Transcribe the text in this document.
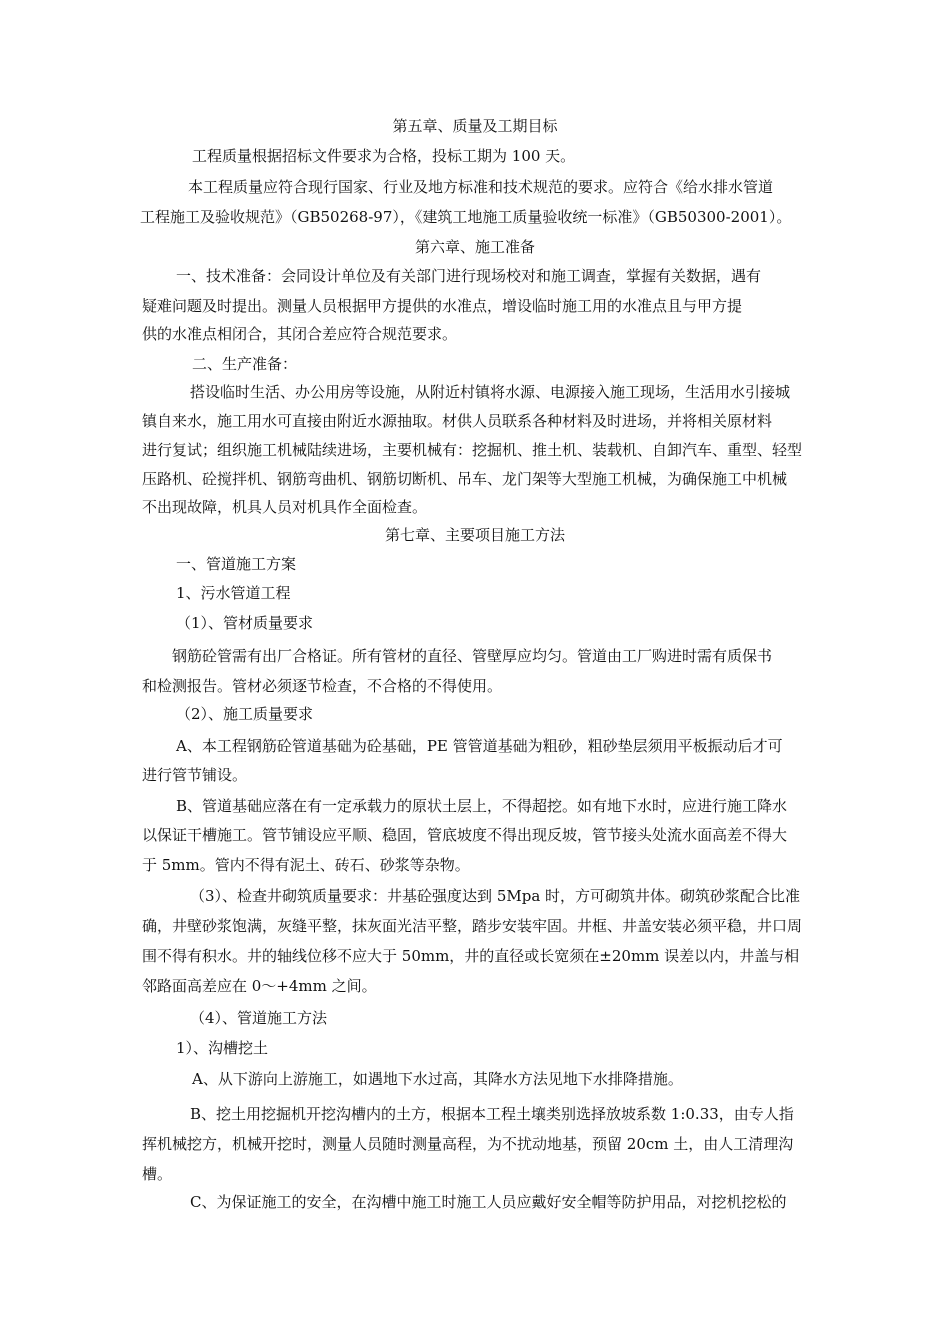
第五章、质量及工期目标
工程质量根据招标文件要求为合格，投标工期为 100 天。
本工程质量应符合现行国家、行业及地方标准和技术规范的要求。应符合《给水排水管道
工程施工及验收规范》（GB50268-97），《建筑工地施工质量验收统一标准》（GB50300-2001）。
第六章、施工准备
一、技术准备：会同设计单位及有关部门进行现场校对和施工调查，掌握有关数据，遇有
疑难问题及时提出。测量人员根据甲方提供的水准点，增设临时施工用的水准点且与甲方提
供的水准点相闭合，其闭合差应符合规范要求。
二、生产准备：
搭设临时生活、办公用房等设施，从附近村镇将水源、电源接入施工现场，生活用水引接城
镇自来水，施工用水可直接由附近水源抽取。材供人员联系各种材料及时进场，并将相关原材料
进行复试；组织施工机械陆续进场，主要机械有：挖掘机、推土机、装载机、自卸汽车、重型、轻型
压路机、砼搅拌机、钢筋弯曲机、钢筋切断机、吊车、龙门架等大型施工机械，为确保施工中机械
不出现故障，机具人员对机具作全面检查。
第七章、主要项目施工方法
一、管道施工方案
1、污水管道工程
（1）、管材质量要求
钢筋砼管需有出厂合格证。所有管材的直径、管壁厚应均匀。管道由工厂购进时需有质保书
和检测报告。管材必须逐节检查，不合格的不得使用。
（2）、施工质量要求
A、本工程钢筋砼管道基础为砼基础，PE 管管道基础为粗砂，粗砂垫层须用平板振动后才可
进行管节铺设。
B、管道基础应落在有一定承载力的原状土层上，不得超挖。如有地下水时，应进行施工降水
以保证干槽施工。管节铺设应平顺、稳固，管底坡度不得出现反坡，管节接头处流水面高差不得大
于 5mm。管内不得有泥土、砖石、砂浆等杂物。
（3）、检查井砌筑质量要求：井基砼强度达到 5Mpa 时，方可砌筑井体。砌筑砂浆配合比准
确，井壁砂浆饱满，灰缝平整，抹灰面光洁平整，踏步安装牢固。井框、井盖安装必须平稳，井口周
围不得有积水。井的轴线位移不应大于 50mm，井的直径或长宽须在±20mm 误差以内，井盖与相
邻路面高差应在 0～+4mm 之间。
（4）、管道施工方法
1）、沟槽挖土
A、从下游向上游施工，如遇地下水过高，其降水方法见地下水排降措施。
B、挖土用挖掘机开挖沟槽内的土方，根据本工程土壤类别选择放坡系数 1:0.33，由专人指
挥机械挖方，机械开挖时，测量人员随时测量高程，为不扰动地基，预留 20cm 土，由人工清理沟
槽。
C、为保证施工的安全，在沟槽中施工时施工人员应戴好安全帽等防护用品，对挖机挖松的
